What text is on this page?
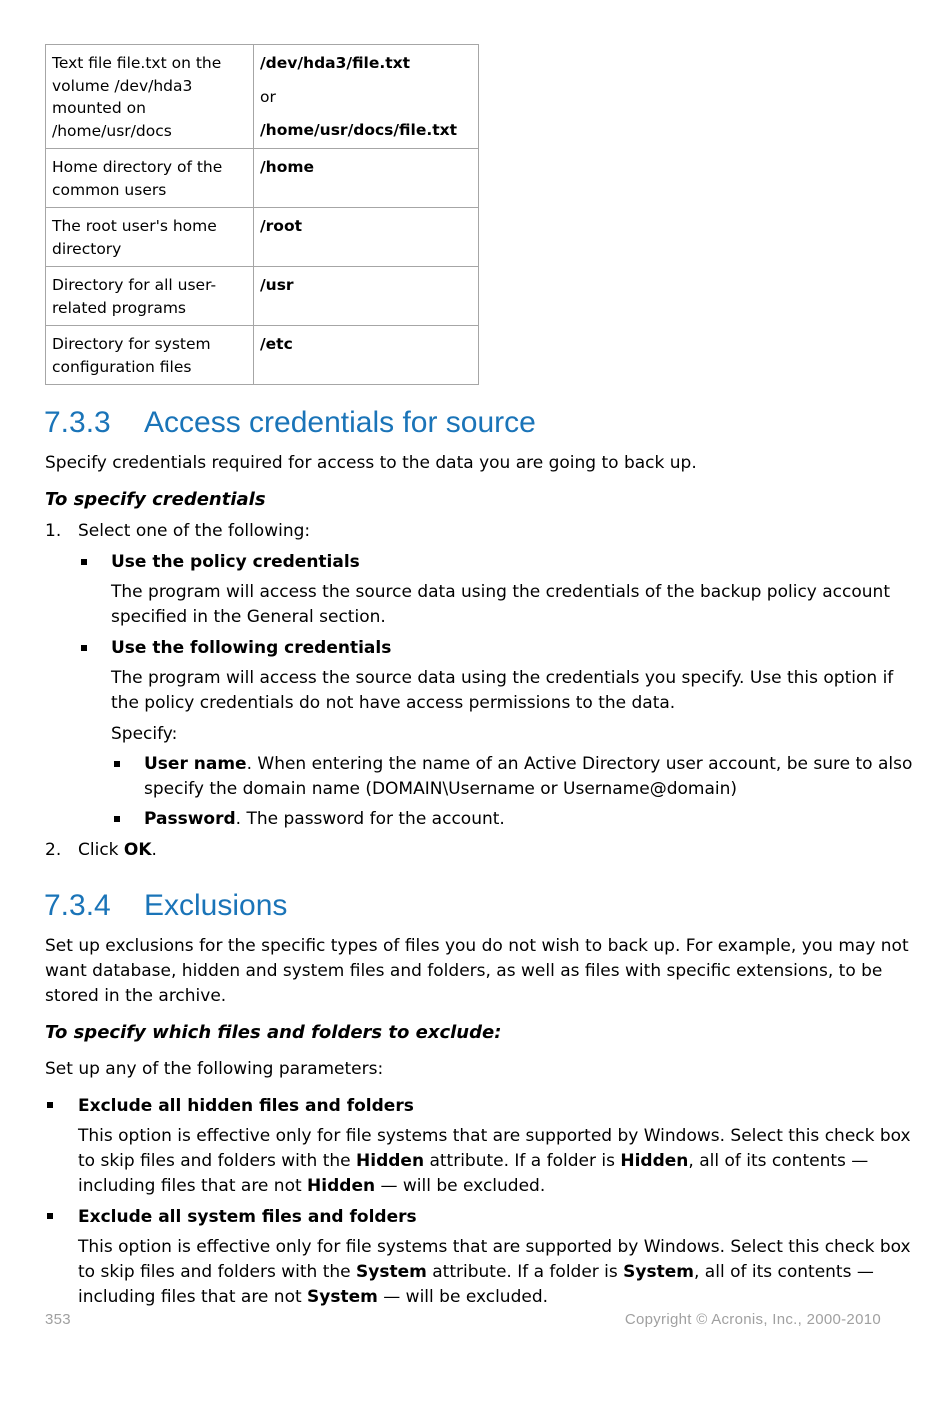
Text file file.txt on the volume /dev/hda3 mounted on /home/usr/docs	/dev/hda3/file.txt
or
/home/usr/docs/file.txt

Home directory of the common users	/home
The root user's home directory	/root
Directory for all user-related programs	/usr
Directory for system configuration files	/etc
7.3.3 Access credentials for source
Specify credentials required for access to the data you are going to back up.
To specify credentials
1. Select one of the following:
Use the policy credentials
The program will access the source data using the credentials of the backup policy account
specified in the General section.
Use the following credentials
The program will access the source data using the credentials you specify. Use this option if
the policy credentials do not have access permissions to the data.
Specify:
User name. When entering the name of an Active Directory user account, be sure to also
specify the domain name (DOMAIN\Username or Username@domain)
Password. The password for the account.
2. Click OK.
7.3.4 Exclusions
Set up exclusions for the specific types of files you do not wish to back up. For example, you may not
want database, hidden and system files and folders, as well as files with specific extensions, to be
stored in the archive.
To specify which files and folders to exclude:
Set up any of the following parameters:
Exclude all hidden files and folders
This option is effective only for file systems that are supported by Windows. Select this check box
to skip files and folders with the Hidden attribute. If a folder is Hidden, all of its contents —
including files that are not Hidden — will be excluded.
Exclude all system files and folders
This option is effective only for file systems that are supported by Windows. Select this check box
to skip files and folders with the System attribute. If a folder is System, all of its contents —
including files that are not System — will be excluded.
353	Copyright © Acronis, Inc., 2000-2010
